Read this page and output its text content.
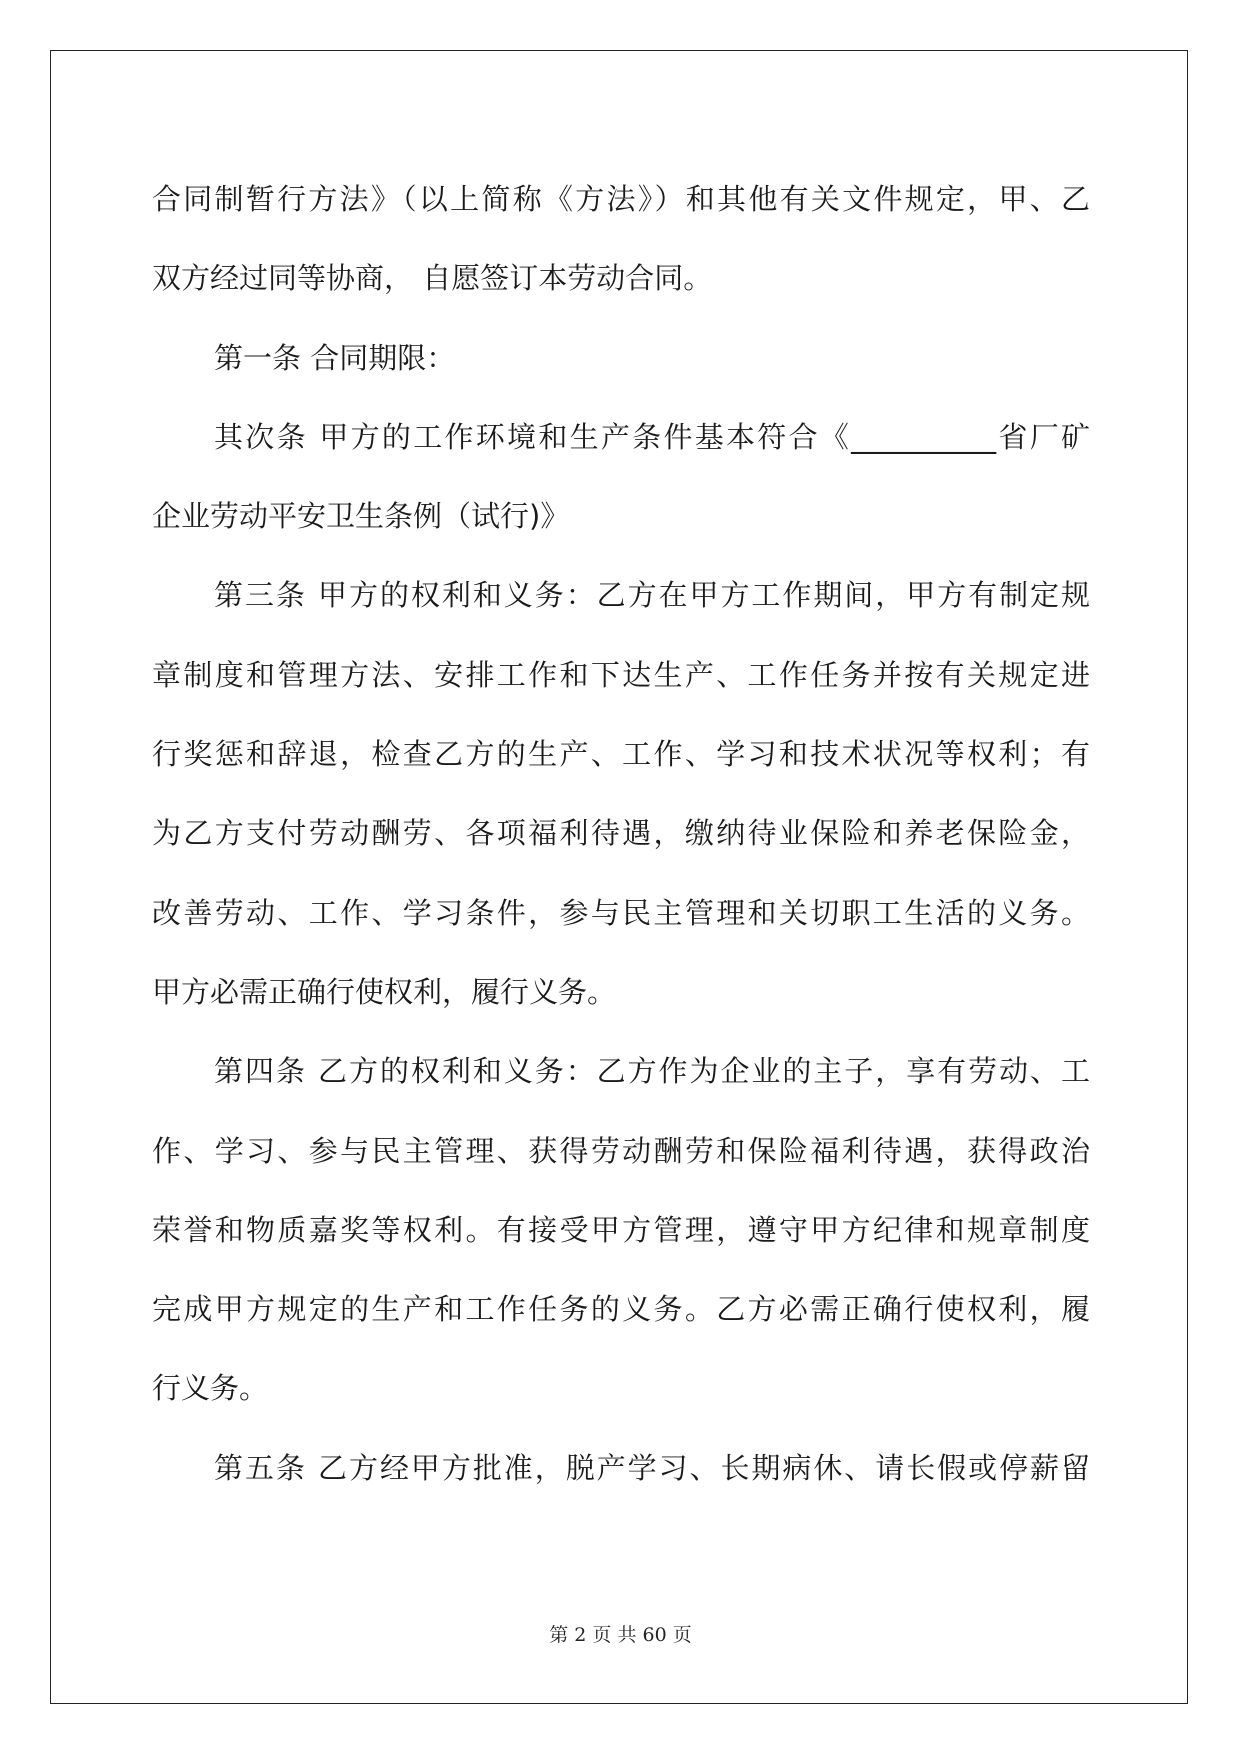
合同制暂行方法》（以上简称《方法》）和其他有关文件规定，甲、乙
双方经过同等协商， 自愿签订本劳动合同。
第一条 合同期限：
其次条 甲方的工作环境和生产条件基本符合《__________省厂矿
企业劳动平安卫生条例（试行)》
第三条 甲方的权利和义务：乙方在甲方工作期间，甲方有制定规
章制度和管理方法、安排工作和下达生产、工作任务并按有关规定进
行奖惩和辞退，检查乙方的生产、工作、学习和技术状况等权利；有
为乙方支付劳动酬劳、各项福利待遇，缴纳待业保险和养老保险金，
改善劳动、工作、学习条件，参与民主管理和关切职工生活的义务。
甲方必需正确行使权利，履行义务。
第四条 乙方的权利和义务：乙方作为企业的主子，享有劳动、工
作、学习、参与民主管理、获得劳动酬劳和保险福利待遇，获得政治
荣誉和物质嘉奖等权利。有接受甲方管理，遵守甲方纪律和规章制度
完成甲方规定的生产和工作任务的义务。乙方必需正确行使权利，履
行义务。
第五条 乙方经甲方批准，脱产学习、长期病休、请长假或停薪留
第 2 页 共 60 页
